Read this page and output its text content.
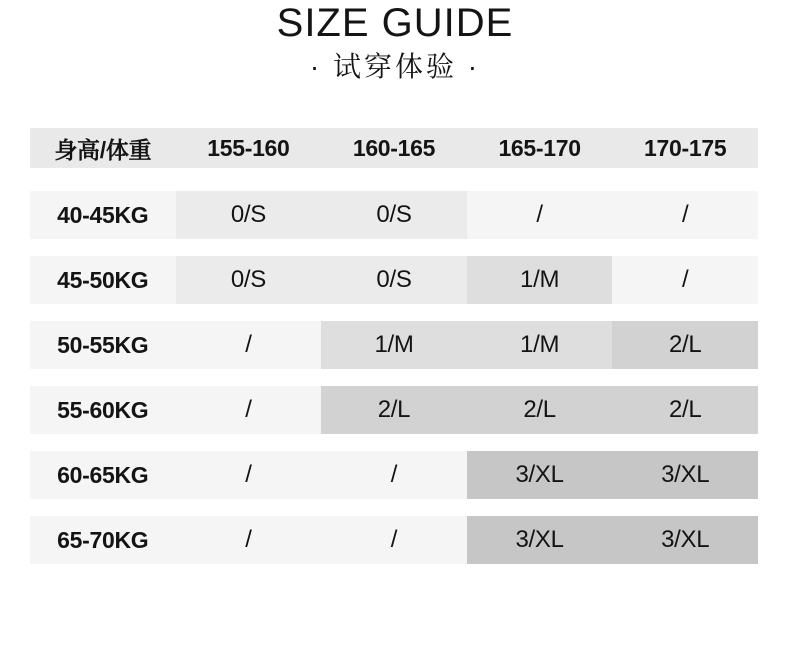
SIZE GUIDE
· 试穿体验 ·
身高/体重	155-160	160-165	165-170	170-175
40-45KG	0/S	0/S	/	/
45-50KG	0/S	0/S	1/M	/
50-55KG	/	1/M	1/M	2/L
55-60KG	/	2/L	2/L	2/L
60-65KG	/	/	3/XL	3/XL
65-70KG	/	/	3/XL	3/XL
